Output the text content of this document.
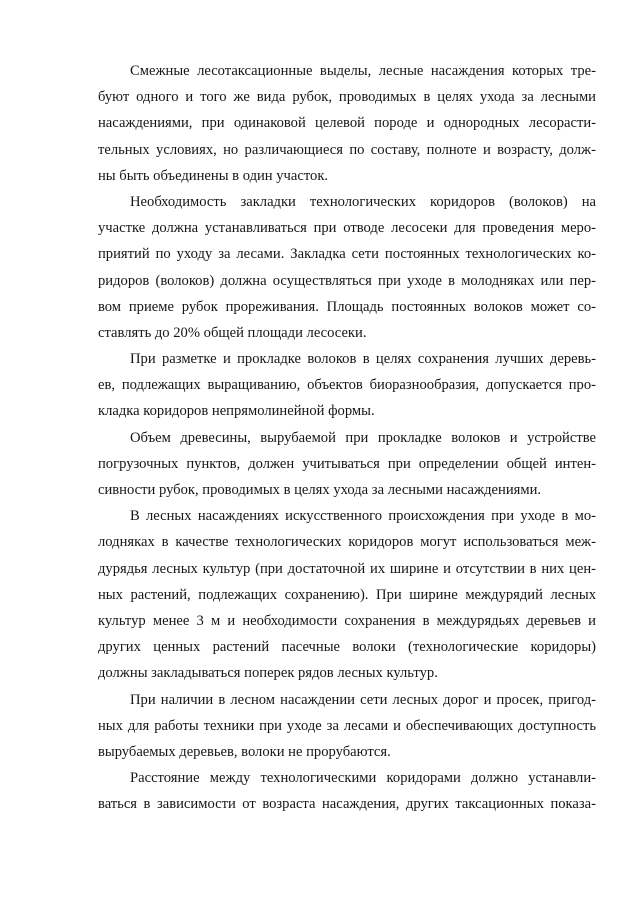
Смежные лесотаксационные выделы, лесные насаждения которых тре-
буют одного и того же вида рубок, проводимых в целях ухода за лесными
насаждениями, при одинаковой целевой породе и однородных лесорасти-
тельных условиях, но различающиеся по составу, полноте и возрасту, долж-
ны быть объединены в один участок.
Необходимость закладки технологических коридоров (волоков) на
участке должна устанавливаться при отводе лесосеки для проведения меро-
приятий по уходу за лесами. Закладка сети постоянных технологических ко-
ридоров (волоков) должна осуществляться при уходе в молодняках или пер-
вом приеме рубок прореживания. Площадь постоянных волоков может со-
ставлять до 20% общей площади лесосеки.
При разметке и прокладке волоков в целях сохранения лучших деревь-
ев, подлежащих выращиванию, объектов биоразнообразия, допускается про-
кладка коридоров непрямолинейной формы.
Объем древесины, вырубаемой при прокладке волоков и устройстве
погрузочных пунктов, должен учитываться при определении общей интен-
сивности рубок, проводимых в целях ухода за лесными насаждениями.
В лесных насаждениях искусственного происхождения при уходе в мо-
лодняках в качестве технологических коридоров могут использоваться меж-
дурядья лесных культур (при достаточной их ширине и отсутствии в них цен-
ных растений, подлежащих сохранению). При ширине междурядий лесных
культур менее 3 м и необходимости сохранения в междурядьях деревьев и
других ценных растений пасечные волоки (технологические коридоры)
должны закладываться поперек рядов лесных культур.
При наличии в лесном насаждении сети лесных дорог и просек, пригод-
ных для работы техники при уходе за лесами и обеспечивающих доступность
вырубаемых деревьев, волоки не прорубаются.
Расстояние между технологическими коридорами должно устанавли-
ваться в зависимости от возраста насаждения, других таксационных показа-
